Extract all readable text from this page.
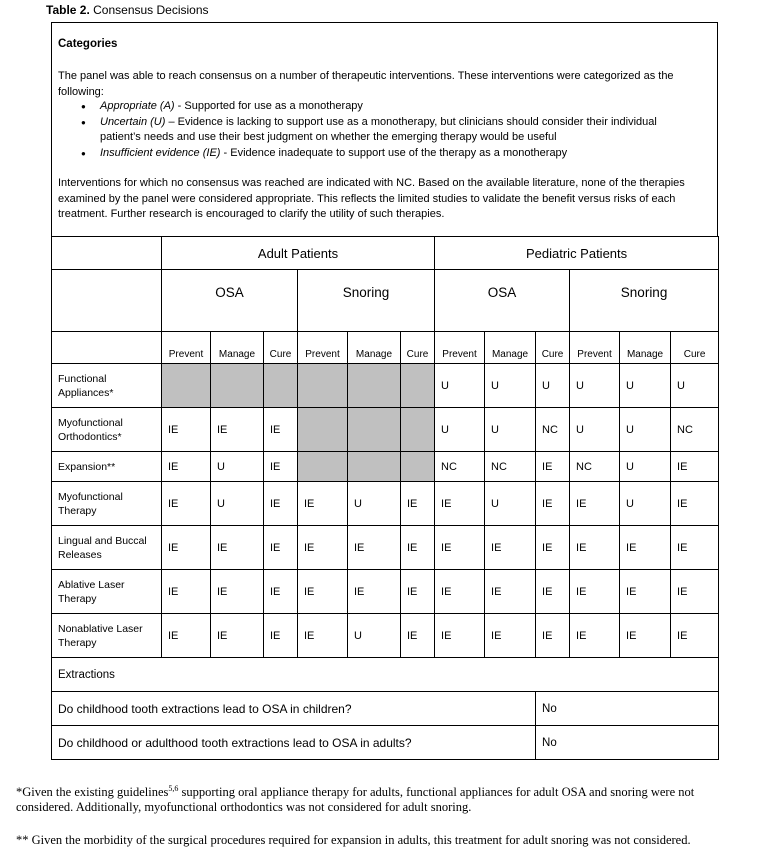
Table 2. Consensus Decisions
Categories
The panel was able to reach consensus on a number of therapeutic interventions. These interventions were categorized as the following:
● Appropriate (A) - Supported for use as a monotherapy
● Uncertain (U) – Evidence is lacking to support use as a monotherapy, but clinicians should consider their individual patient’s needs and use their best judgment on whether the emerging therapy would be useful
● Insufficient evidence (IE) - Evidence inadequate to support use of the therapy as a monotherapy
Interventions for which no consensus was reached are indicated with NC. Based on the available literature, none of the therapies examined by the panel were considered appropriate. This reflects the limited studies to validate the benefit versus risks of each treatment. Further research is encouraged to clarify the utility of such therapies.
	Adult Patients						Pediatric Patients					
	OSA			Snoring			OSA			Snoring		
	Prevent	Manage	Cure	Prevent	Manage	Cure	Prevent	Manage	Cure	Prevent	Manage	Cure
Functional Appliances*							U	U	U	U	U	U
Myofunctional Orthodontics*	IE	IE	IE				U	U	NC	U	U	NC
Expansion**	IE	U	IE				NC	NC	IE	NC	U	IE
Myofunctional Therapy	IE	U	IE	IE	U	IE	IE	U	IE	IE	U	IE
Lingual and Buccal Releases	IE	IE	IE	IE	IE	IE	IE	IE	IE	IE	IE	IE
Ablative Laser Therapy	IE	IE	IE	IE	IE	IE	IE	IE	IE	IE	IE	IE
Nonablative Laser Therapy	IE	IE	IE	IE	U	IE	IE	IE	IE	IE	IE	IE
Extractions												
Do childhood tooth extractions lead to OSA in children?									No			
Do childhood or adulthood tooth extractions lead to OSA in adults?									No			
*Given the existing guidelines$^{5,6}$ supporting oral appliance therapy for adults, functional appliances for adult OSA and snoring were not considered. Additionally, myofunctional orthodontics was not considered for adult snoring.
** Given the morbidity of the surgical procedures required for expansion in adults, this treatment for adult snoring was not considered.
